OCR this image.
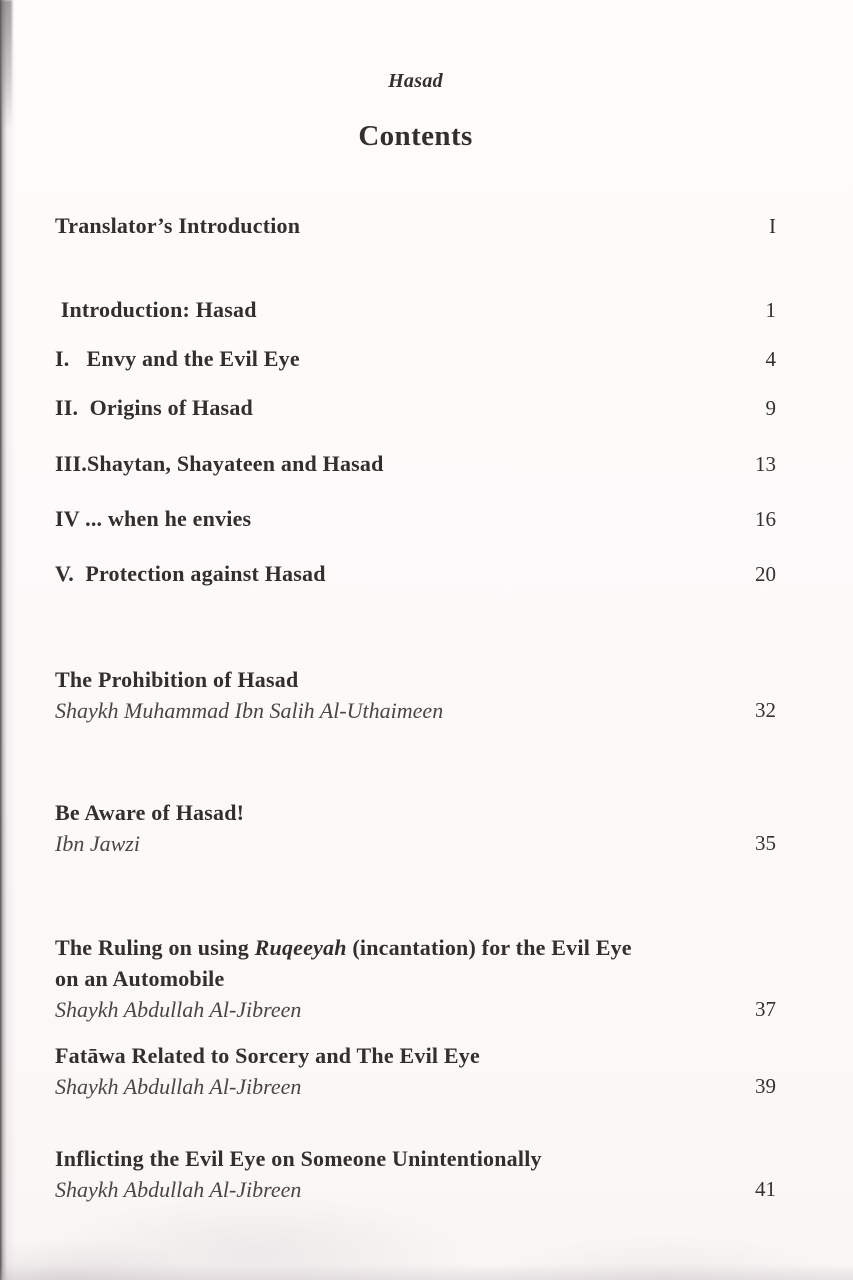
Hasad
Contents
Translator’s Introduction	I
Introduction: Hasad	1
I.   Envy and the Evil Eye	4
II.  Origins of Hasad	9
III.Shaytan, Shayateen and Hasad	13
IV ... when he envies	16
V.  Protection against Hasad	20
The Prohibition of Hasad
Shaykh Muhammad Ibn Salih Al-Uthaimeen	32
Be Aware of Hasad!
Ibn Jawzi	35
The Ruling on using Ruqeeyah (incantation) for the Evil Eye
on an Automobile
Shaykh Abdullah Al-Jibreen	37
Fatāwa Related to Sorcery and The Evil Eye
Shaykh Abdullah Al-Jibreen	39
Inflicting the Evil Eye on Someone Unintentionally
Shaykh Abdullah Al-Jibreen	41
